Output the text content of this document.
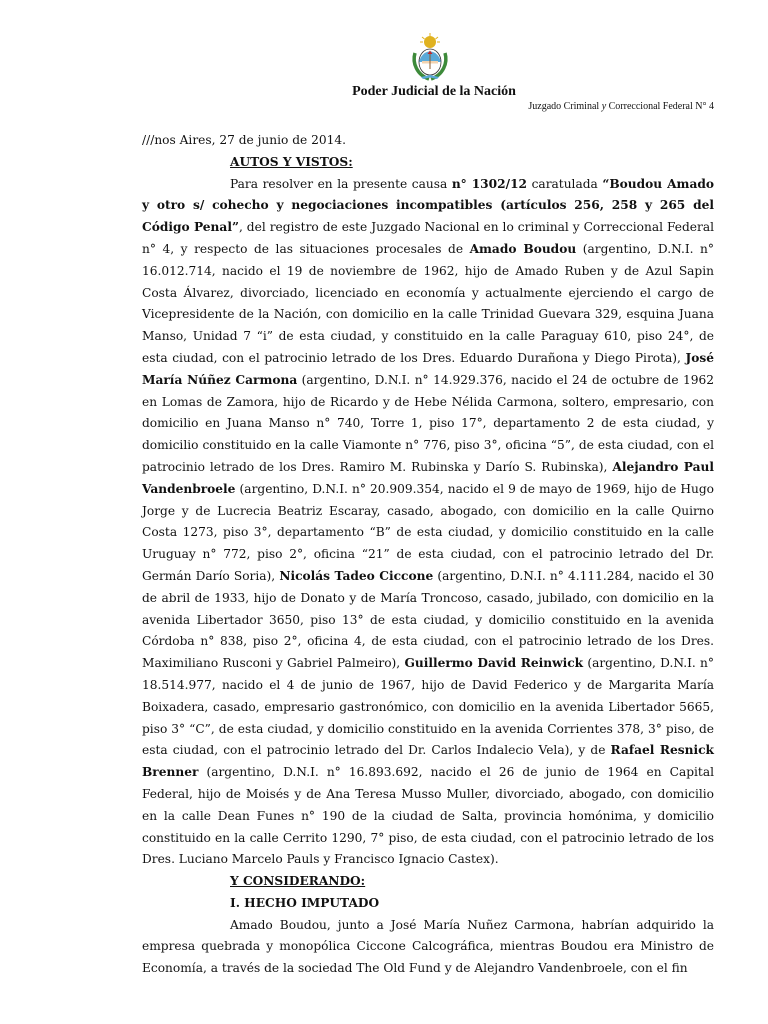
Poder Judicial de la Nación
Juzgado Criminal y Correccional Federal N° 4

///nos Aires, 27 de junio de 2014.

AUTOS Y VISTOS:

Para resolver en la presente causa n° 1302/12 caratulada “Boudou Amado y otro s/ cohecho y negociaciones incompatibles (artículos 256, 258 y 265 del Código Penal”, del registro de este Juzgado Nacional en lo criminal y Correccional Federal n° 4, y respecto de las situaciones procesales de Amado Boudou (argentino, D.N.I. n° 16.012.714, nacido el 19 de noviembre de 1962, hijo de Amado Ruben y de Azul Sapin Costa Álvarez, divorciado, licenciado en economía y actualmente ejerciendo el cargo de Vicepresidente de la Nación, con domicilio en la calle Trinidad Guevara 329, esquina Juana Manso, Unidad 7 “i” de esta ciudad, y constituido en la calle Paraguay 610, piso 24°, de esta ciudad, con el patrocinio letrado de los Dres. Eduardo Durañona y Diego Pirota), José María Núñez Carmona (argentino, D.N.I. n° 14.929.376, nacido el 24 de octubre de 1962 en Lomas de Zamora, hijo de Ricardo y de Hebe Nélida Carmona, soltero, empresario, con domicilio en Juana Manso n° 740, Torre 1, piso 17°, departamento 2 de esta ciudad, y domicilio constituido en la calle Viamonte n° 776, piso 3°, oficina “5”, de esta ciudad, con el patrocinio letrado de los Dres. Ramiro M. Rubinska y Darío S. Rubinska), Alejandro Paul Vandenbroele (argentino, D.N.I. n° 20.909.354, nacido el 9 de mayo de 1969, hijo de Hugo Jorge y de Lucrecia Beatriz Escaray, casado, abogado, con domicilio en la calle Quirno Costa 1273, piso 3°, departamento “B” de esta ciudad, y domicilio constituido en la calle Uruguay n° 772, piso 2°, oficina “21” de esta ciudad, con el patrocinio letrado del Dr. Germán Darío Soria), Nicolás Tadeo Ciccone (argentino, D.N.I. n° 4.111.284, nacido el 30 de abril de 1933, hijo de Donato y de María Troncoso, casado, jubilado, con domicilio en la avenida Libertador 3650, piso 13° de esta ciudad, y domicilio constituido en la avenida Córdoba n° 838, piso 2°, oficina 4, de esta ciudad, con el patrocinio letrado de los Dres. Maximiliano Rusconi y Gabriel Palmeiro), Guillermo David Reinwick (argentino, D.N.I. n° 18.514.977, nacido el 4 de junio de 1967, hijo de David Federico y de Margarita María Boixadera, casado, empresario gastronómico, con domicilio en la avenida Libertador 5665, piso 3° “C”, de esta ciudad, y domicilio constituido en la avenida Corrientes 378, 3° piso, de esta ciudad, con el patrocinio letrado del Dr. Carlos Indalecio Vela), y de Rafael Resnick Brenner (argentino, D.N.I. n° 16.893.692, nacido el 26 de junio de 1964 en Capital Federal, hijo de Moisés y de Ana Teresa Musso Muller, divorciado, abogado, con domicilio en la calle Dean Funes n° 190 de la ciudad de Salta, provincia homónima, y domicilio constituido en la calle Cerrito 1290, 7° piso, de esta ciudad, con el patrocinio letrado de los Dres. Luciano Marcelo Pauls y Francisco Ignacio Castex).

Y CONSIDERANDO:

I. HECHO IMPUTADO

Amado Boudou, junto a José María Nuñez Carmona, habrían adquirido la empresa quebrada y monopólica Ciccone Calcográfica, mientras Boudou era Ministro de Economía, a través de la sociedad The Old Fund y de Alejandro Vandenbroele, con el fin
